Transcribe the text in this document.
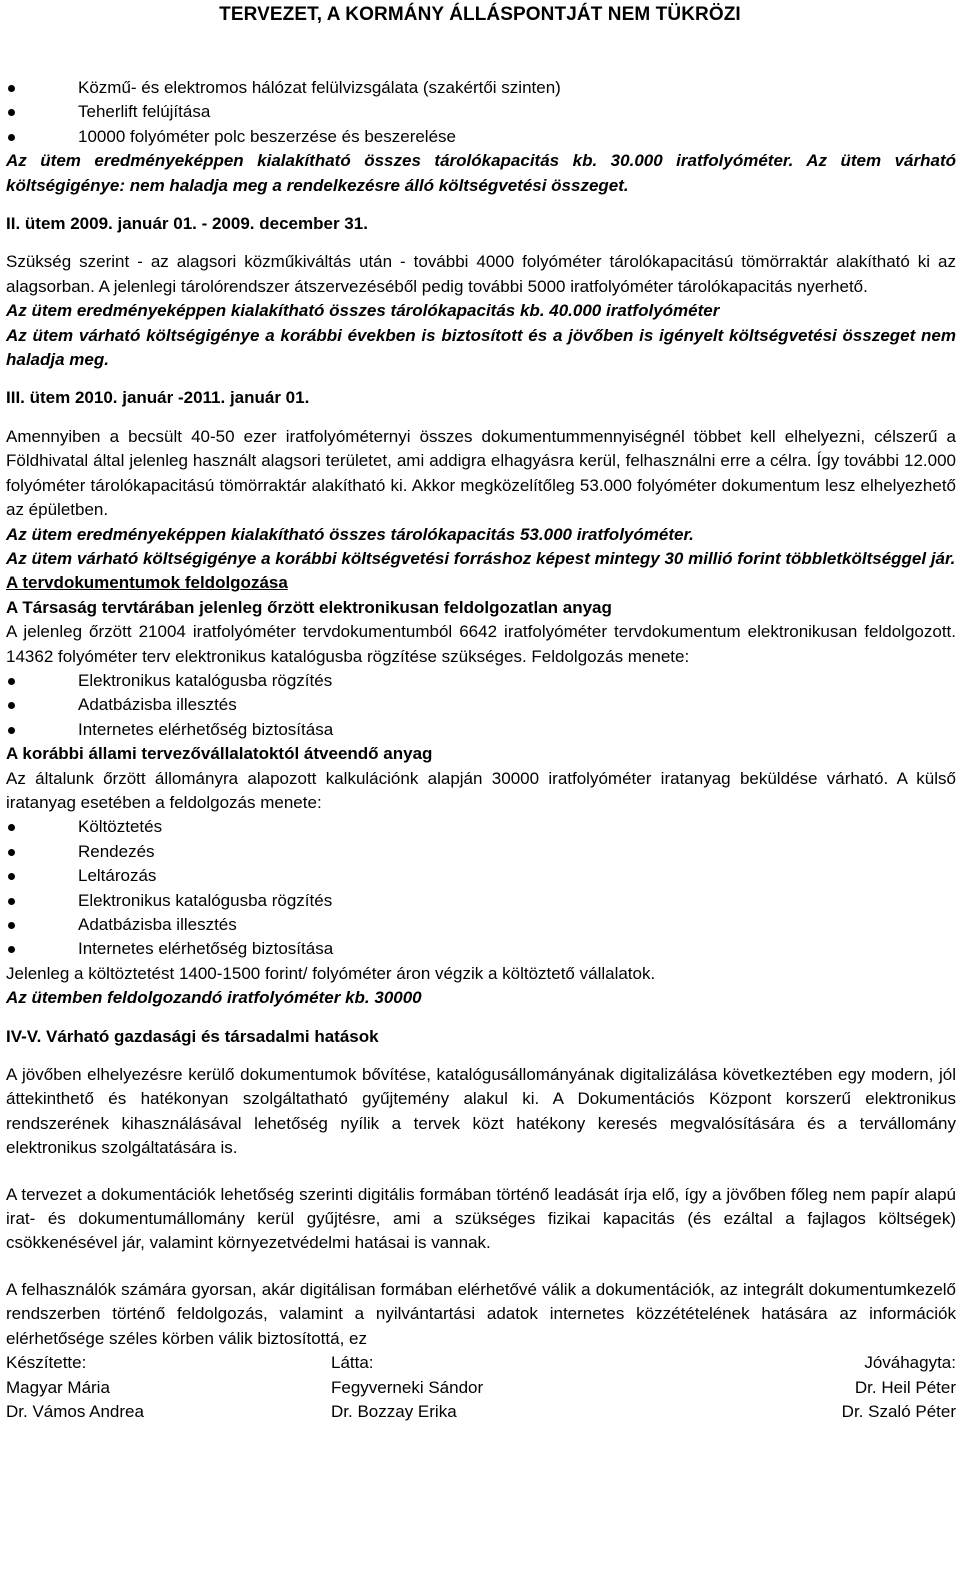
TERVEZET, A KORMÁNY ÁLLÁSPONTJÁT NEM TÜKRÖZI
Közmű- és elektromos hálózat felülvizsgálata (szakértői szinten)
Teherlift felújítása
10000 folyóméter polc beszerzése és beszerelése

Az ütem eredményeképpen kialakítható összes tárolókapacitás kb. 30.000 iratfolyóméter. Az ütem várható költségigénye: nem haladja meg a rendelkezésre álló költségvetési összeget.

II. ütem 2009. január 01. - 2009. december 31.

Szükség szerint - az alagsori közműkiváltás után - további 4000 folyóméter tárolókapacitású tömörraktár alakítható ki az alagsorban. A jelenlegi tárolórendszer átszervezéséből pedig további 5000 iratfolyóméter tárolókapacitás nyerhető.

Az ütem eredményeképpen kialakítható összes tárolókapacitás kb. 40.000 iratfolyóméter

Az ütem várható költségigénye a korábbi években is biztosított és a jövőben is igényelt költségvetési összeget nem haladja meg.

III. ütem 2010. január -2011. január 01.

Amennyiben a becsült 40-50 ezer iratfolyóméternyi összes dokumentummennyiségnél többet kell elhelyezni, célszerű a Földhivatal által jelenleg használt alagsori területet, ami addigra elhagyásra kerül, felhasználni erre a célra. Így további 12.000 folyóméter tárolókapacitású tömörraktár alakítható ki. Akkor megközelítőleg 53.000 folyóméter dokumentum lesz elhelyezhető az épületben.

Az ütem eredményeképpen kialakítható összes tárolókapacitás 53.000 iratfolyóméter.

Az ütem várható költségigénye a korábbi költségvetési forráshoz képest mintegy 30 millió forint többletköltséggel jár.

A tervdokumentumok feldolgozása

A Társaság tervtárában jelenleg őrzött elektronikusan feldolgozatlan anyag

A jelenleg őrzött 21004 iratfolyóméter tervdokumentumból 6642 iratfolyóméter tervdokumentum elektronikusan feldolgozott. 14362 folyóméter terv elektronikus katalógusba rögzítése szükséges. Feldolgozás menete:

Elektronikus katalógusba rögzítés
Adatbázisba illesztés
Internetes elérhetőség biztosítása

A korábbi állami tervezővállalatoktól átveendő anyag

Az általunk őrzött állományra alapozott kalkulációnk alapján 30000 iratfolyóméter iratanyag beküldése várható. A külső iratanyag esetében a feldolgozás menete:

Költöztetés
Rendezés
Leltározás
Elektronikus katalógusba rögzítés
Adatbázisba illesztés
Internetes elérhetőség biztosítása

Jelenleg a költöztetést 1400-1500 forint/ folyóméter áron végzik a költöztető vállalatok.

Az ütemben feldolgozandó iratfolyóméter kb. 30000

IV-V. Várható gazdasági és társadalmi hatások

A jövőben elhelyezésre kerülő dokumentumok bővítése, katalógusállományának digitalizálása következtében egy modern, jól áttekinthető és hatékonyan szolgáltatható gyűjtemény alakul ki. A Dokumentációs Központ korszerű elektronikus rendszerének kihasználásával lehetőség nyílik a tervek közt hatékony keresés megvalósítására és a tervállomány elektronikus szolgáltatására is.

A tervezet a dokumentációk lehetőség szerinti digitális formában történő leadását írja elő, így a jövőben főleg nem papír alapú irat- és dokumentumállomány kerül gyűjtésre, ami a szükséges fizikai kapacitás (és ezáltal a fajlagos költségek) csökkenésével jár, valamint környezetvédelmi hatásai is vannak.

A felhasználók számára gyorsan, akár digitálisan formában elérhetővé válik a dokumentációk, az integrált dokumentumkezelő rendszerben történő feldolgozás, valamint a nyilvántartási adatok internetes közzétételének hatására az információk elérhetősége széles körben válik biztosítottá, ez

Készítette:	Látta:	Jóváhagyta:
Magyar Mária	Fegyverneki Sándor	Dr. Heil Péter
Dr. Vámos Andrea	Dr. Bozzay Erika	Dr. Szaló Péter
